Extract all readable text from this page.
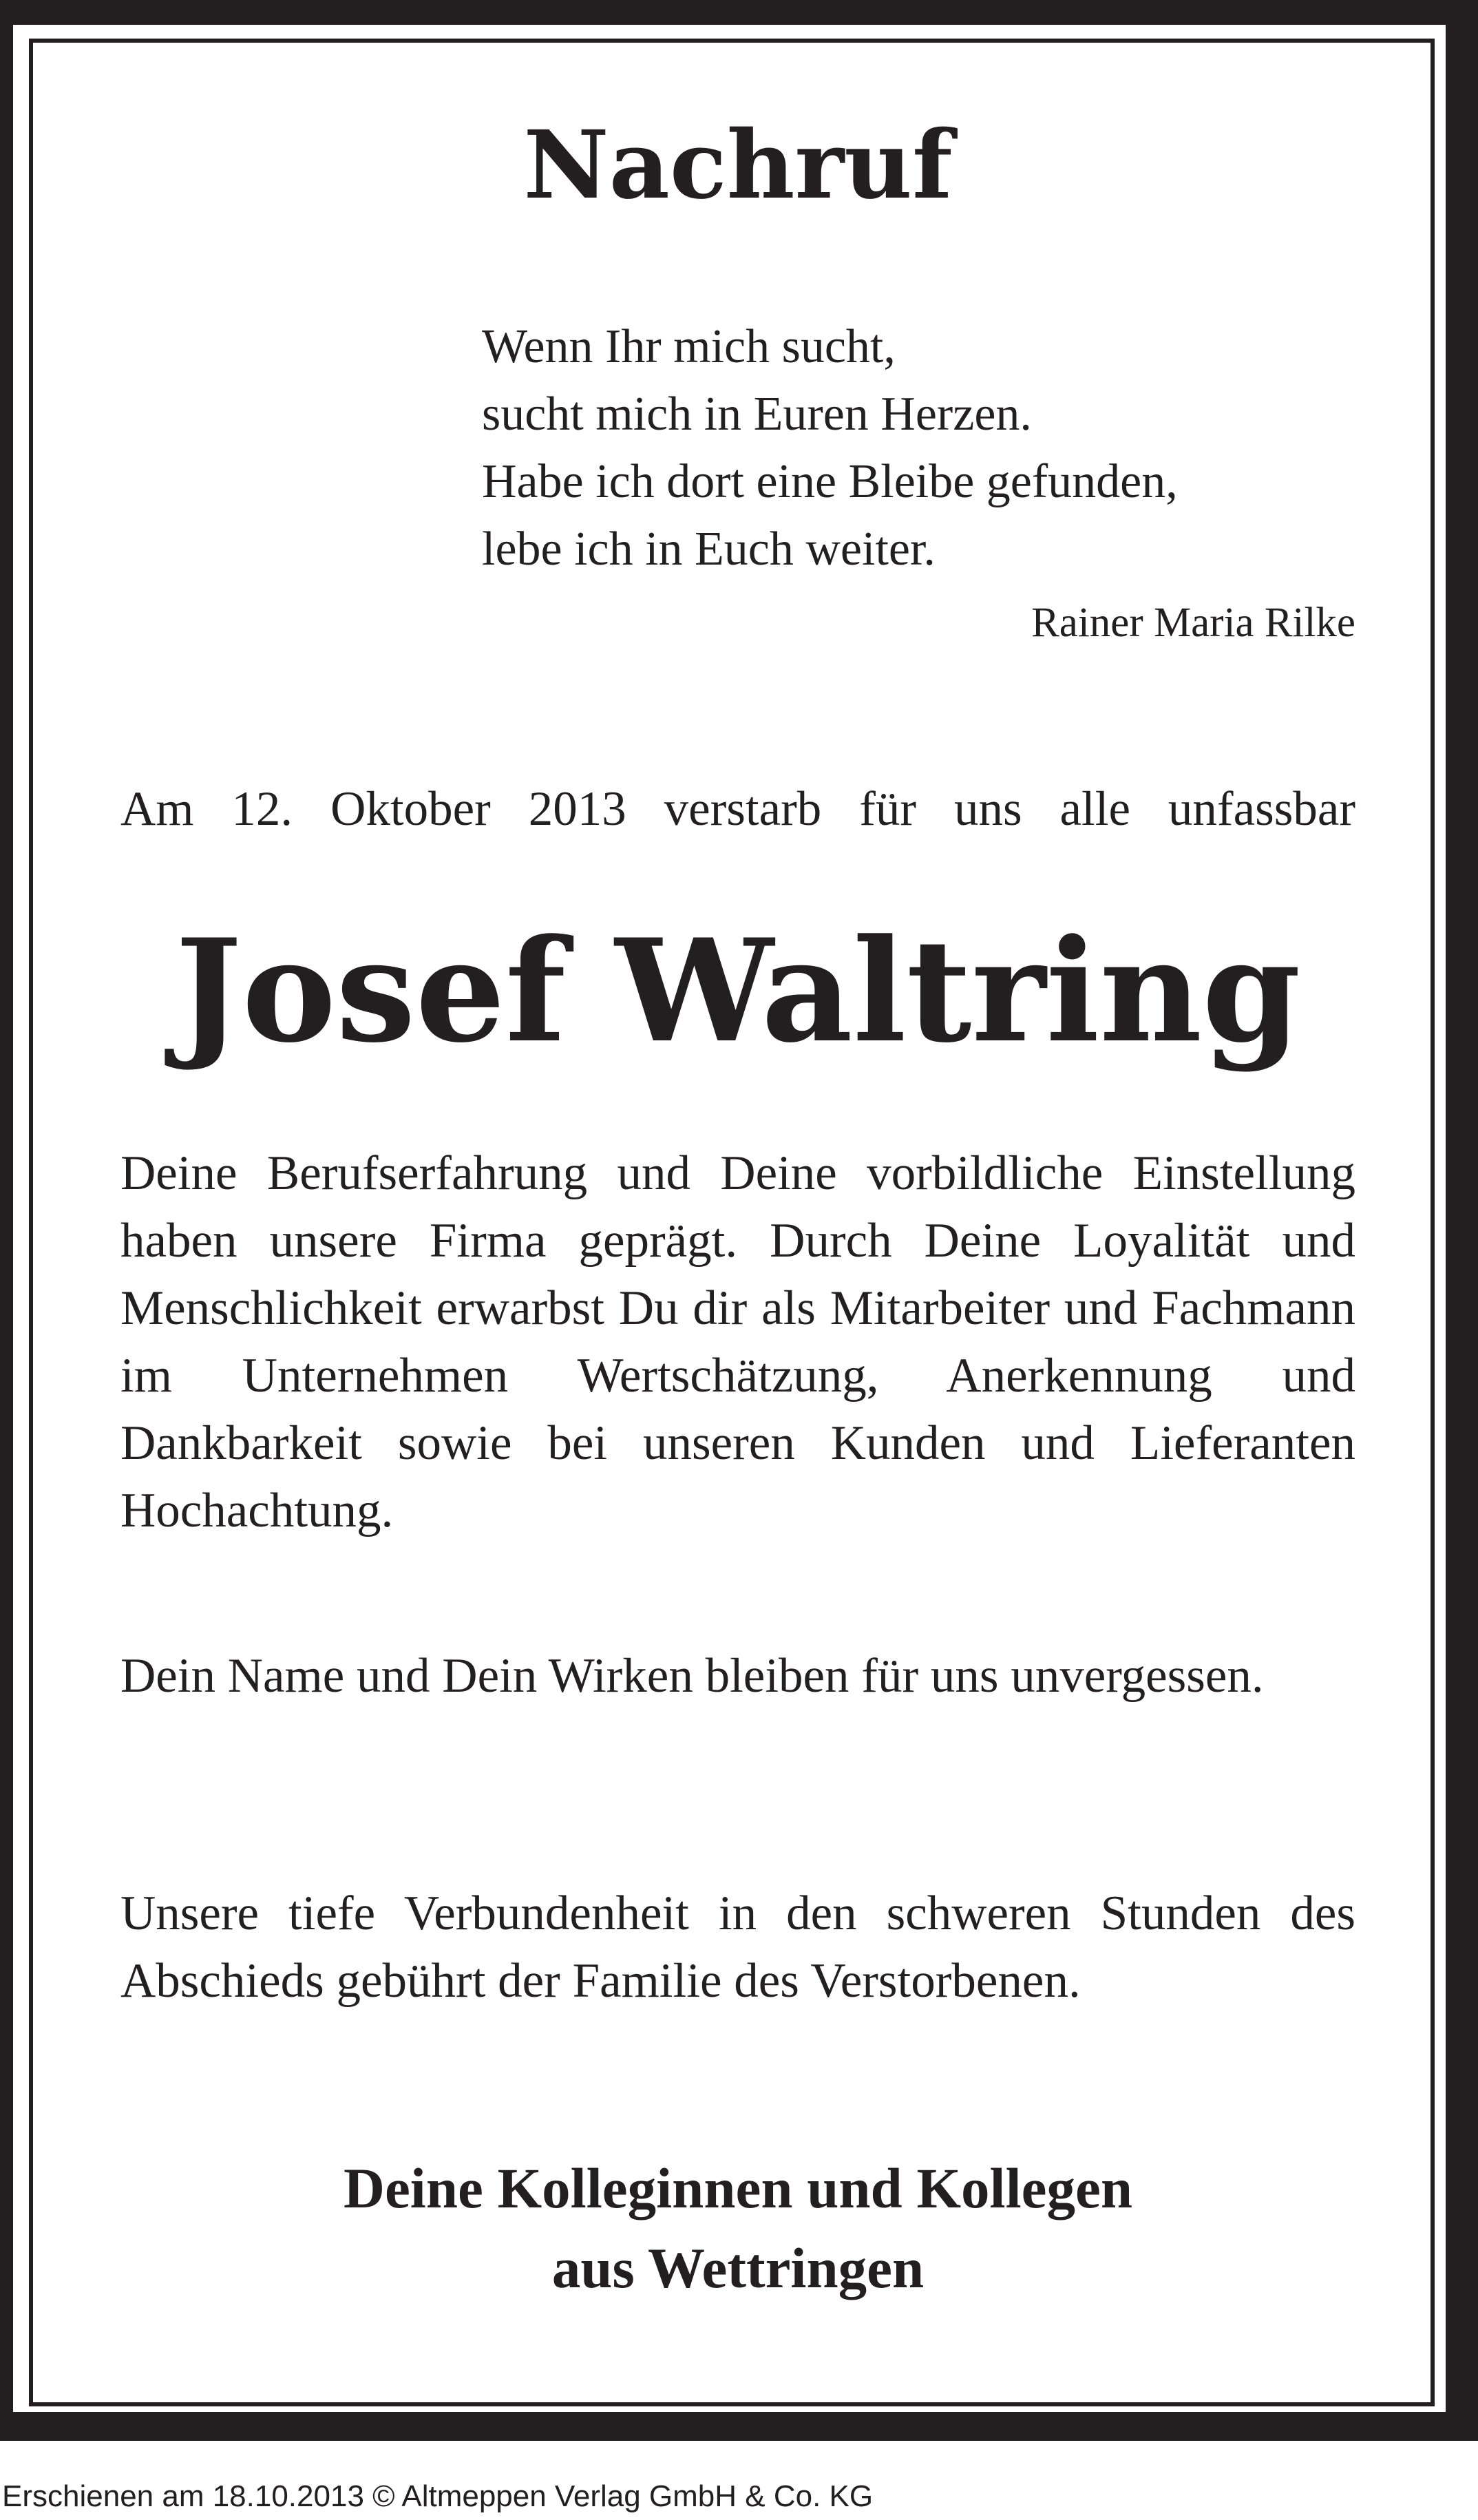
Nachruf
Wenn Ihr mich sucht,
sucht mich in Euren Herzen.
Habe ich dort eine Bleibe gefunden,
lebe ich in Euch weiter.
Rainer Maria Rilke
Am 12. Oktober 2013 verstarb für uns alle unfassbar
Josef Waltring
Deine Berufserfahrung und Deine vorbildliche Einstellung haben unsere Firma geprägt. Durch Deine Loyalität und Menschlichkeit erwarbst Du dir als Mitarbeiter und Fachmann im Unternehmen Wertschätzung, Anerkennung und Dankbarkeit sowie bei unseren Kunden und Lieferanten Hochachtung.
Dein Name und Dein Wirken bleiben für uns unvergessen.
Unsere tiefe Verbundenheit in den schweren Stunden des Abschieds gebührt der Familie des Verstorbenen.
Deine Kolleginnen und Kollegen
aus Wettringen
Erschienen am 18.10.2013 © Altmeppen Verlag GmbH & Co. KG
